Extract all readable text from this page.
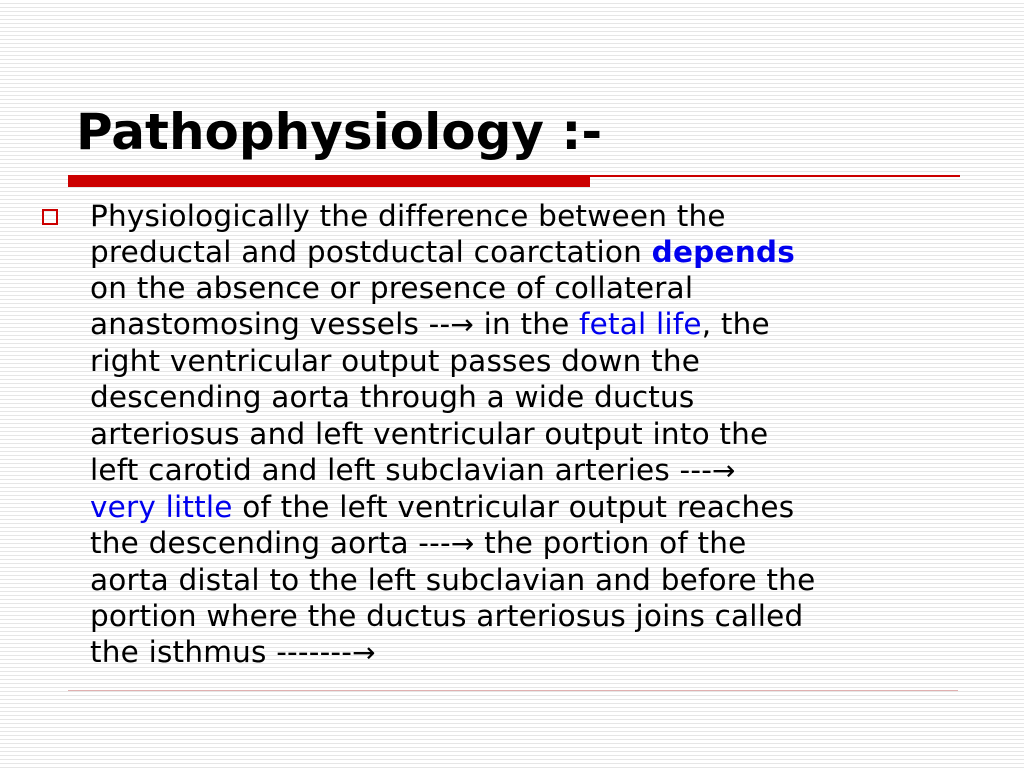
Pathophysiology :-

Physiologically the difference between the
preductal and postductal coarctation depends
on the absence or presence of collateral
anastomosing vessels --→ in the fetal life, the
right ventricular output passes down the
descending aorta through a wide ductus
arteriosus and left ventricular output into the
left carotid and left subclavian arteries ---→
very little of the left ventricular output reaches
the descending aorta ---→ the portion of the
aorta distal to the left subclavian and before the
portion where the ductus arteriosus joins called
the isthmus -------→
